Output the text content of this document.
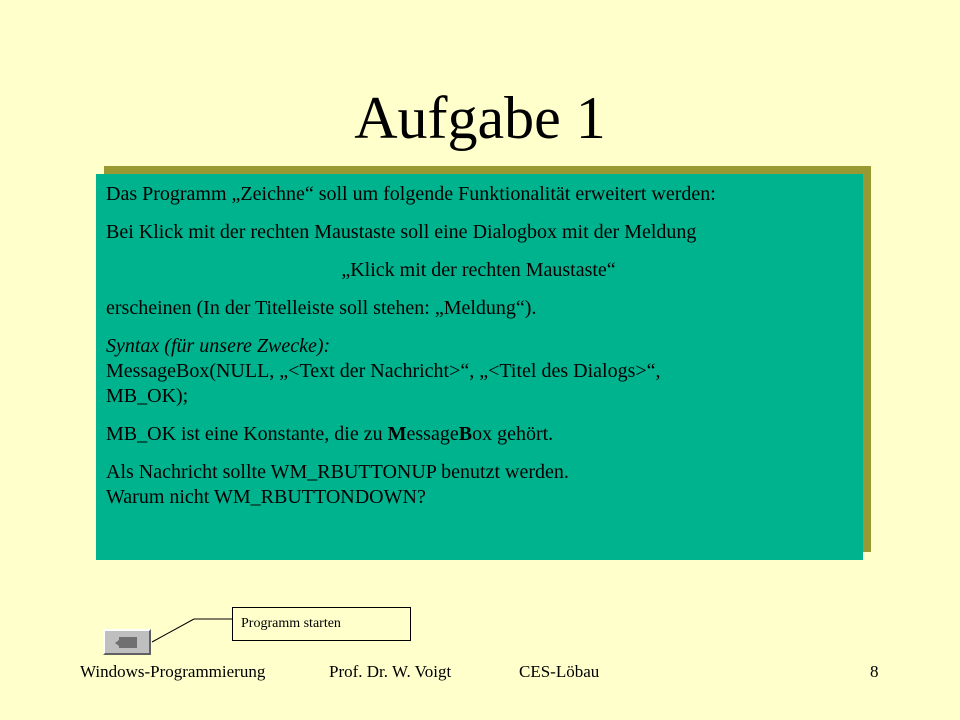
Aufgabe 1

Das Programm „Zeichne“ soll um folgende Funktionalität erweitert werden:

Bei Klick mit der rechten Maustaste soll eine Dialogbox mit der Meldung

„Klick mit der rechten Maustaste“

erscheinen (In der Titelleiste soll stehen: „Meldung“).

Syntax (für unsere Zwecke):
MessageBox(NULL, „<Text der Nachricht>“, „<Titel des Dialogs>“,
MB_OK);

MB_OK ist eine Konstante, die zu MessageBox gehört.

Als Nachricht sollte WM_RBUTTONUP benutzt werden.
Warum nicht WM_RBUTTONDOWN?

Programm starten
Windows-Programmierung	Prof. Dr. W. Voigt	CES-Löbau	8
